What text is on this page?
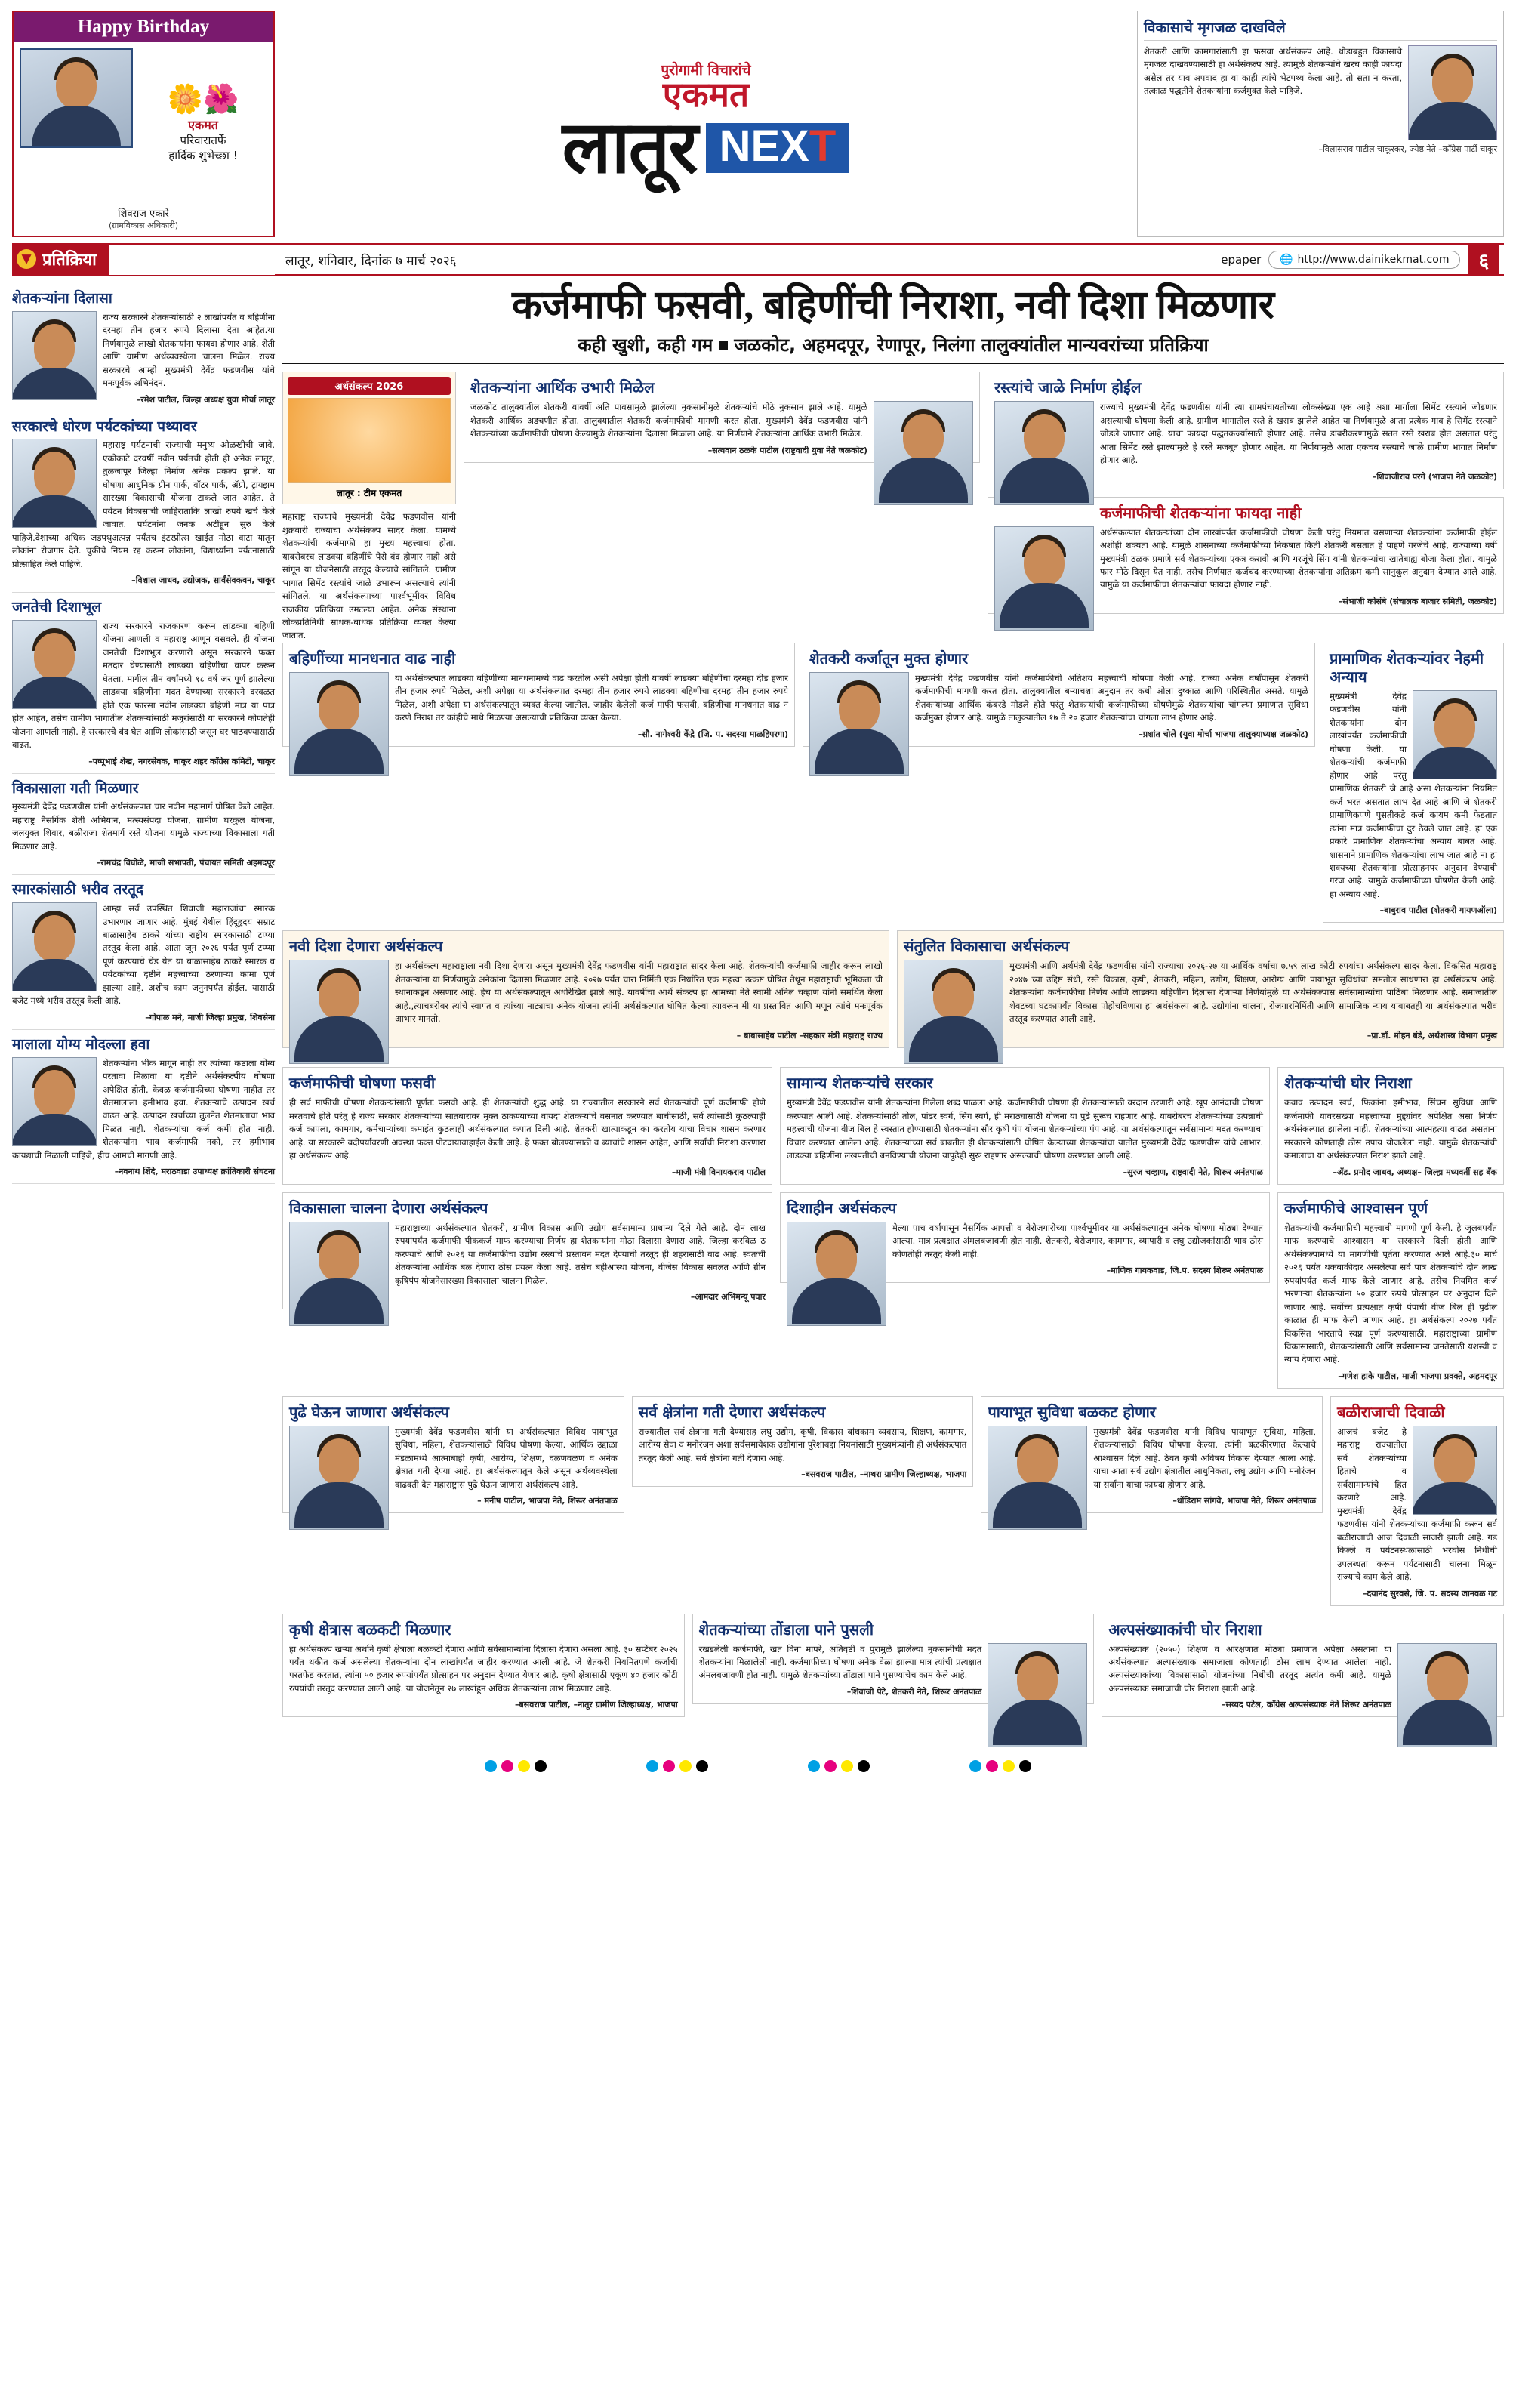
Happy Birthday
🌼🌺
एकमत
परिवारातर्फे
हार्दिक शुभेच्छा !
शिवराज एकारे
(ग्रामविकास अधिकारी)
पुरोगामी विचारांचे
एकमत
लातूर NEXT
विकासाचे मृगजळ दाखविले
शेतकरी आणि कामगारांसाठी हा फसवा अर्थसंकल्प आहे. थोडाबहुत विकासाचे मृगजळ दाखवण्यासाठी हा अर्थसंकल्प आहे. त्यामुळे शेतकऱ्यांचे खरच काही फायदा असेल तर याव अपवाद हा या काही त्यांचे भेटपथ्य केला आहे. तो सता न करता, तत्काळ पद्धतीने शेतकऱ्यांना कर्जमुक्त केले पाहिजे.
–विलासराव पाटील चाकूरकर, ज्येष्ठ नेते –काँग्रेस पार्टी चाकूर
▼ प्रतिक्रिया	लातूर, शनिवार, दिनांक ७ मार्च २०२६	epaper 🌐 http://www.dainikekmat.com	६
शेतकऱ्यांना दिलासा
राज्य सरकारने शेतकऱ्यांसाठी २ लाखांपर्यंत व बहिणींना दरमहा तीन हजार रुपये दिलासा देता आहेत.या निर्णयामुळे लाखो शेतकऱ्यांना फायदा होणार आहे. शेती आणि ग्रामीण अर्थव्यवस्थेला चालना मिळेल. राज्य सरकारचे आम्ही मुख्यमंत्री देवेंद्र फडणवीस यांचे मनःपूर्वक अभिनंदन.
–रमेश पाटील, जिल्हा अध्यक्ष युवा मोर्चा लातूर
सरकारचे धोरण पर्यटकांच्या पथ्यावर
महाराष्ट्र पर्यटनाची राज्याची मनुष्य ओळखीची जावे. एकोकाटे दरवर्षी नवीन पर्यंतची होती ही अनेक लातूर, तुळजापूर जिल्हा निर्माण अनेक प्रकल्प झाले. या घोषणा आधुनिक ग्रीन पार्क, वॉटर पार्क, ॲग्रो, ट्रायझम सारख्या विकासाची योजना टाकले जात आहेत. ते पर्यटन विकासाची जाहिराताकि लाखो रुपये खर्च केले जावात. पर्यटनांना जनक अटींहून सुरु केले पाहिजे.देशाच्या अधिक जडपथुअत्पन्न पर्यंतच इंटरप्रीत्स खाईत मोठा वाटा यातून लोकांना रोजगार देते. चुकीचे नियम रद्द करून लोकांना, विद्यार्थ्यांना पर्यंटनासाठी प्रोत्साहित केले पाहिजे.
–विशाल जाधव, उद्योजक, सार्वंसेवकवन, चाकूर
जनतेची दिशाभूल
राज्य सरकारने राजकारण करून लाडक्या बहिणी योजना आणली व महाराष्ट्र आणून बसवले. ही योजना जनतेची दिशाभूल करणारी असून सरकारने फक्त मतदार घेण्यासाठी लाडक्या बहिणींचा वापर करून घेतला. मागील तीन वर्षांमध्ये १८ वर्ष जर पूर्ण झालेल्या लाडक्या बहिणींना मदत देण्याच्या सरकारने दरवळत होते एक फारसा नवीन लाडक्या बहिणी मात्र या पात्र होत आहेत, तसेच ग्रामीण भागातील शेतकऱ्यांसाठी मजुरांसाठी या सरकारने कोणतेही योजना आणली नाही. हे सरकारचे बंद घेत आणि लोकांसाठी जसून घर पाठवण्यासाठी वाढत.
–पष्पूभाई शेख, नगरसेवक, चाकूर शहर काँग्रेस कमिटी, चाकूर
विकासाला गती मिळणार
मुख्यमंत्री देवेंद्र फडणवीस यांनी अर्थसंकल्पात चार नवीन महामार्ग घोषित केले आहेत. महाराष्ट्र नैसर्गिक शेती अभियान, मत्स्यसंपदा योजना, ग्रामीण घरकुल योजना, जलयुक्त शिवार, बळीराजा शेतमार्ग रस्ते योजना यामुळे राज्याच्या विकासाला गती मिळणार आहे.
–रामचंद्र विघोळे, माजी सभापती, पंचायत समिती अहमदपूर
स्मारकांसाठी भरीव तरतूद
आम्हा सर्व उपस्थित शिवाजी महाराजांचा स्मारक उभारणार जाणार आहे. मुंबई येथील हिंदूहृदय सम्राट बाळासाहेब ठाकरे यांच्या राष्ट्रीय स्मारकासाठी टप्प्या तरतूद केला आहे. आता जून २०२६ पर्यंत पूर्ण टप्प्या पूर्ण करण्याचे चेंड येत या बाळासाहेब ठाकरे स्मारक व पर्यटकांच्या दृष्टीने महत्त्वाच्या ठरणाऱ्या कामा पूर्ण झाल्या आहे. अशीच काम जनुनपर्यंत होईल. यासाठी बजेट मध्ये भरीव तरतूद केली आहे.
–गोपाळ मने, माजी जिल्हा प्रमुख, शिवसेना
मालाला योग्य मोदल्ला हवा
शेतकऱ्यांना भीक मागून नाही तर त्यांच्या कष्टाला योग्य परतावा मिळावा या दृष्टीने अर्थसंकल्पीय घोषणा अपेक्षित होती. केवळ कर्जमाफीच्या घोषणा नाहीत तर शेतमालाला हमीभाव हवा. शेतकऱ्याचे उत्पादन खर्च वाढत आहे. उत्पादन खर्चाच्या तुलनेत शेतमालाचा भाव मिळत नाही. शेतकऱ्यांचा कर्ज कमी होत नाही. शेतकऱ्यांना भाव कर्जमाफी नको, तर हमीभाव कायद्याची मिळाली पाहिजे, हीच आमची मागणी आहे.
–नवनाथ शिंदे, मराठवाडा उपाध्यक्ष क्रांतिकारी संघटना
कर्जमाफी फसवी, बहिणींची निराशा, नवी दिशा मिळणार
कही खुशी, कही गम जळकोट, अहमदपूर, रेणापूर, निलंगा तालुक्यांतील मान्यवरांच्या प्रतिक्रिया
अर्थसंकल्प 2026
लातूर : टीम एकमत
महाराष्ट्र राज्याचे मुख्यमंत्री देवेंद्र फडणवीस यांनी शुक्रवारी राज्याचा अर्थसंकल्प सादर केला. यामध्ये शेतकऱ्यांची कर्जमाफी हा मुख्य महत्त्वाचा होता. याबरोबरच लाडक्या बहिणींचे पैसे बंद होणार नाही असे सांगून या योजनेसाठी तरतूद केल्याचे सांगितले. ग्रामीण भागात सिमेंट रस्त्यांचे जाळे उभारून असल्याचे त्यांनी सांगितले. या अर्थसंकल्पाच्या पार्श्वभूमीवर विविध राजकीय प्रतिक्रिया उमटल्या आहेत. अनेक संस्थाना लोकप्रतिनिधी साधक-बाधक प्रतिक्रिया व्यक्त केल्या जातात.
शेतकऱ्यांना आर्थिक उभारी मिळेल
जळकोट तालुक्यातील शेतकरी यावर्षी अति पावसामुळे झालेल्या नुकसानीमुळे शेतकऱ्यांचे मोठे नुकसान झाले आहे. यामुळे शेतकरी आर्थिक अडचणीत होता. तालुक्यातील शेतकरी कर्जमाफीची मागणी करत होता. मुख्यमंत्री देवेंद्र फडणवीस यांनी शेतकऱ्यांच्या कर्जमाफीची घोषणा केल्यामुळे शेतकऱ्यांना दिलासा मिळाला आहे. या निर्णयाने शेतकऱ्यांना आर्थिक उभारी मिळेल.
–सत्यवान ठळके पाटील (राष्ट्रवादी युवा नेते जळकोट)
रस्त्यांचे जाळे निर्माण होईल
राज्याचे मुख्यमंत्री देवेंद्र फडणवीस यांनी त्या ग्रामपंचायतीच्या लोकसंख्या एक आहे अशा मार्गाला सिमेंट रस्त्याने जोडणार असल्याची घोषणा केली आहे. ग्रामीण भागातील रस्ते हे खराब झालेले आहेत या निर्णयामुळे आता प्रत्येक गाव हे सिमेंट रस्त्याने जोडले जाणार आहे. याचा फायदा पद्धतकर्ज्यासाठी होणार आहे. तसेच डांबरीकरणामुळे सतत रस्ते खराब होत असतात परंतु आता सिमेंट रस्ते झाल्यामुळे हे रस्ते मजबूत होणार आहेत. या निर्णयामुळे आता एकचब रस्त्याचे जाळे ग्रामीण भागात निर्माण होणार आहे.
–शिवाजीराव परगे (भाजपा नेते जळकोट)
कर्जमाफीची शेतकऱ्यांना फायदा नाही
अर्थसंकल्पात शेतकऱ्यांच्या दोन लाखांपर्यंत कर्जमाफीची घोषणा केली परंतु नियमात बसणाऱ्या शेतकऱ्यांना कर्जमाफी होईल अशीही शक्यता आहे. यामुळे शासनाच्या कर्जमाफीच्या निकषात किती शेतकरी बसतात हे पाहणे गरजेचे आहे, राज्याच्या वर्षी मुख्यमंत्री ठळक प्रमाणे सर्व शेतकऱ्यांच्या एकत्र करावी आणि गरजूंचे सिंग यांनी शेतकऱ्यांचा खातेबाह्य बोजा केला होता. यामुळे फार मोठे दिसून येत नाही. तसेच निर्णयात कर्जचंद करण्याच्या शेतकऱ्यांना अतिक्रम कमी सानुकूल अनुदान देण्यात आले आहे. यामुळे या कर्जमाफीचा शेतकऱ्यांचा फायदा होणार नाही.
–संभाजी कोसंबे (संचालक बाजार समिती, जळकोट)
बहिणींच्या मानधनात वाढ नाही
या अर्थसंकल्पात लाडक्या बहिणींच्या मानधनामध्ये वाढ करतील असी अपेक्षा होती यावर्षी लाडक्या बहिणींचा दरमहा दीड हजार तीन हजार रुपये मिळेल, अशी अपेक्षा या अर्थसंकल्पात दरमहा तीन हजार रुपये लाडक्या बहिणींचा दरमहा तीन हजार रुपये मिळेल, अशी अपेक्षा या अर्थसंकल्पातून व्यक्त केल्या जातील. जाहीर केलेली कर्ज माफी फसवी, बहिणींचा मानधनात वाढ न करणे निराश तर कांहीचे माथे मिळण्या असल्याची प्रतिक्रिया व्यक्त केल्या.
–सौ. नागेश्वरी केंद्रे (जि. प. सदस्या माळहिपरगा)
शेतकरी कर्जातून मुक्त होणार
मुख्यमंत्री देवेंद्र फडणवीस यांनी कर्जमाफीची अतिशय महत्त्वाची घोषणा केली आहे. राज्या अनेक वर्षांपासून शेतकरी कर्जमाफीची मागणी करत होता. तालुक्यातील बऱ्याचशा अनुदान तर कधी ओला दुष्काळ आणि परिस्थितीत असते. यामुळे शेतकऱ्यांच्या आर्थिक कंबरडे मोडले होते परंतु शेतकऱ्यांची कर्जमाफीच्या घोषणेमुळे शेतकऱ्यांचा चांगल्या प्रमाणात सुविधा कर्जमुक्त होणार आहे. यामुळे तालुक्यातील १७ ते २० हजार शेतकऱ्यांचा चांगला लाभ होणार आहे.
–प्रशांत चोले (युवा मोर्चा भाजपा तालुक्याध्यक्ष जळकोट)
प्रामाणिक शेतकऱ्यांवर नेहमी अन्याय
मुख्यमंत्री देवेंद्र फडणवीस यांनी शेतकऱ्यांना दोन लाखांपर्यंत कर्जमाफीची घोषणा केली. या शेतकऱ्यांची कर्जमाफी होणार आहे परंतु प्रामाणिक शेतकरी जे आहे असा शेतकऱ्यांना नियमित कर्ज भरत असतात लाभ देत आहे आणि जे शेतकरी प्रामाणिकपणे पुसतीकडे कर्ज कायम कमी फेडतात त्यांना मात्र कर्जमाफीचा दुर ठेवले जात आहे. हा एक प्रकारे प्रामाणिक शेतकऱ्यांचा अन्याय बाबत आहे. शासनाने प्रामाणिक शेतकऱ्यांचा लाभ जात आहे ना हा शक्यच्या शेतकऱ्यांना प्रोत्साहनपर अनुदान देण्याची गरज आहे. यामुळे कर्जमाफीच्या घोषणेत केली आहे. हा अन्याय आहे.
–बाबुराव पाटील (शेतकरी गायणऑला)
नवी दिशा देणारा अर्थसंकल्प
हा अर्थसंकल्प महाराष्ट्राला नवी दिशा देणारा असून मुख्यमंत्री देवेंद्र फडणवीस यांनी महाराष्ट्रात सादर केला आहे. शेतकऱ्यांची कर्जमाफी जाहीर करून लाखो शेतकऱ्यांना या निर्णयामुळे अनेकांना दिलासा मिळणार आहे. २०२७ पर्यंत चारा निर्मिती एक निर्धारित एक महत्त्वा उत्कष्ट घोषित तेथून महाराष्ट्राची भूमिकता ची स्थानाकडून असणार आहे. हेच या अर्थसंकल्पातून अधोरेखित झाले आहे. यावर्षीचा आर्थ संकल्प हा आमच्या नेते स्वामी अनिल चव्हाण यांनी समर्थित केला आहे.,त्याचबरोबर त्यांचे स्वागत व त्यांच्या नाट्याचा अनेक योजना त्यांनी अर्थसंकल्पात घोषित केल्या त्यावरून मी या प्रस्तावित आणि मणून त्यांचे मनःपूर्वक आभार मानतो.
– बाबासाहेब पाटील –सहकार मंत्री महाराष्ट्र राज्य
संतुलित विकासाचा अर्थसंकल्प
मुख्यमंत्री आणि अर्थमंत्री देवेंद्र फडणवीस यांनी राज्याचा २०२६-२७ या आर्थिक वर्षाचा ७.५९ लाख कोटी रुपयांचा अर्थसंकल्प सादर केला. विकसित महाराष्ट्र २०४७ च्या उद्दिष्ट संधी, रस्ते विकास, कृषी, शेतकरी, महिला, उद्योग, शिक्षण, आरोग्य आणि पायाभूत सुविधांचा समतोल साधणारा हा अर्थसंकल्प आहे. शेतकऱ्यांना कर्जमाफीचा निर्णय आणि लाडक्या बहिणींना दिलासा देणाऱ्या निर्णयांमुळे या अर्थसंकल्पास सर्वसामान्यांचा पाठिंबा मिळणार आहे. समाजातील शेवटच्या घटकापर्यंत विकास पोहोचविणारा हा अर्थसंकल्प आहे. उद्योगांना चालना, रोजगारनिर्मिती आणि सामाजिक न्याय याबाबतही या अर्थसंकल्पात भरीव तरतूद करण्यात आली आहे.
–प्रा.डॉ. मोहन बंडे, अर्थशास्त्र विभाग प्रमुख
कर्जमाफीची घोषणा फसवी
ही सर्व माफीची घोषणा शेतकऱ्यांसाठी पूर्णतः फसवी आहे. ही शेतकऱ्यांची शुद्ध आहे. या राज्यातील सरकारने सर्व शेतकऱ्यांची पूर्ण कर्जमाफी होणे मरतवाचे होते परंतु हे राज्य सरकार शेतकऱ्यांच्या सातबारावर मुक्त ठाकण्याच्या वायदा शेतकऱ्यांचे वसनात करण्यात बाचीसाठी, सर्व त्यांसाठी कुठल्याही कर्ज कापला, कामगार, कर्मचाऱ्यांच्या कमाईत कुठलाही अर्थसंकल्पात कपात दिली आहे. शेतकरी खात्याकडून का करतोय याचा विचार शासन करणार आहे. या सरकारने बदीपर्यावरणी अवस्था फक्त पोटदायावाहाईल केली आहे. हे फक्त बोलण्यासाठी व ब्याचांचे शासन आहेत, आणि सर्वांची निराशा करणारा हा अर्थसंकल्प आहे.
–माजी मंत्री विनायकराव पाटील
सामान्य शेतकऱ्यांचे सरकार
मुख्यमंत्री देवेंद्र फडणवीस यांनी शेतकऱ्यांना गिलेला शब्द पाळला आहे. कर्जमाफीची घोषणा ही शेतकऱ्यांसाठी वरदान ठरणारी आहे. खूप आनंदाची घोषणा करण्यात आली आहे. शेतकऱ्यांसाठी तोल, पांढर स्वर्ग, सिंग स्वर्ग, ही मराठ्यासाठी योजना या पुढे सुरूच राहणार आहे. याबरोबरच शेतकऱ्यांच्या उत्पन्नाची महत्त्वाची योजना वीज बिल हे स्वस्तात होण्यासाठी शेतकऱ्यांना सौर कृषी पंप योजना शेतकऱ्यांच्या पंप आहे. या अर्थसंकल्पातून सर्वसामान्य मदत करण्याचा विचार करण्यात आलेला आहे. शेतकऱ्यांच्या सर्व बाबतीत ही शेतकऱ्यांसाठी घोषित केल्याच्या शेतकऱ्यांचा यातोत मुख्यमंत्री देवेंद्र फडणवीस यांचे आभार. लाडक्या बहिणींना लखपतीची बनविण्याची योजना यापुढेही सुरू राहणार असल्याची घोषणा करण्यात आली आहे.
–सुरज चव्हाण, राष्ट्रवादी नेते, शिरूर अनंतपाळ
शेतकऱ्यांची घोर निराशा
कवाव उत्पादन खर्च, फिकांना हमीभाव, सिंचन सुविधा आणि कर्जमाफी यावरसख्या महत्त्वाच्या मुद्द्यांवर अपेक्षित असा निर्णय अर्थसंकल्पात झालेला नाही. शेतकऱ्यांच्या आत्महत्या वाढत असताना सरकारने कोणताही ठोस उपाय योजलेला नाही. यामुळे शेतकऱ्यांची कमालाचा या अर्थसंकल्पात निराश झाले आहे.
–ॲड. प्रमोद जाधव, अध्यक्ष– जिल्हा मध्यवर्ती सह बँक
विकासाला चालना देणारा अर्थसंकल्प
महाराष्ट्राच्या अर्थसंकल्पात शेतकरी, ग्रामीण विकास आणि उद्योग सर्वसामान्य प्राधान्य दिले गेले आहे. दोन लाख रुपयांपर्यंत कर्जमाफी पीककर्ज माफ करण्याचा निर्णय हा शेतकऱ्यांना मोठा दिलासा देणारा आहे. जिल्हा करविळ ठ करण्याचे आणि २०२६ या कर्जमाफीचा उद्योग रस्त्यांचे प्रस्तावन मदत देण्याची तरतूद ही शहरासाठी वाढ आहे. स्वतःची शेतकऱ्यांना आर्थिक बळ देणारा ठोस प्रयत्न केला आहे. तसेच बहीआस्था योजना, वीजेस विकास सवलत आणि ग्रीन कृषिपंप योजनेसारख्या विकासाला चालना मिळेल.
–आमदार अभिमन्यू पवार
दिशाहीन अर्थसंकल्प
मेल्या पाच वर्षांपासून नैसर्गिक आपत्ती व बेरोजगारीच्या पार्श्वभूमीवर या अर्थसंकल्पातून अनेक घोषणा मोठ्या देण्यात आल्या. मात्र प्रत्यक्षात अंमलबजावणी होत नाही. शेतकरी, बेरोजगार, कामगार, व्यापारी व लघु उद्योजकांसाठी भाव ठोस कोणतीही तरतूद केली नाही.
–माणिक गायकवाड, जि.प. सदस्य शिरूर अनंतपाळ
कर्जमाफीचे आश्वासन पूर्ण
शेतकऱ्यांची कर्जमाफीची महत्त्वाची मागणी पूर्ण केली. हे जुलबपर्यंत माफ करण्याचे आश्वासन या सरकारने दिली होती आणि अर्थसंकल्पामध्ये या मागणीची पूर्तता करण्यात आले आहे.३० मार्च २०२६ पर्यंत थकबाकीदार असलेल्या सर्व पात्र शेतकऱ्यांचे दोन लाख रुपयांपर्यंत कर्ज माफ केले जाणार आहे. तसेच नियमित कर्ज भरणाऱ्या शेतकऱ्यांना ५० हजार रुपये प्रोत्साहन पर अनुदान दिले जाणार आहे. सर्वोच्च प्रत्यक्षात कृषी पंपाची वीज बिल ही पुढील काळात ही माफ केली जाणार आहे. हा अर्थसंकल्प २०२७ पर्यंत विकसित भारताचे स्वप्न पूर्ण करण्यासाठी, महाराष्ट्राच्या ग्रामीण विकासासाठी, शेतकऱ्यांसाठी आणि सर्वसामान्य जनतेसाठी यशस्वी व न्याय देणारा आहे.
–गणेश हाके पाटील, माजी भाजपा प्रवक्ते, अहमदपूर
पुढे घेऊन जाणारा अर्थसंकल्प
मुख्यमंत्री देवेंद्र फडणवीस यांनी या अर्थसंकल्पात विविध पायाभूत सुविधा, महिला, शेतकऱ्यांसाठी विविध घोषणा केल्या. आर्थिक उद्दाळा मंडळामध्ये आत्माबाही कृषी, आरोग्य, शिक्षण, दळणवळण व अनेक क्षेत्रात गती देण्या आहे. हा अर्थसंकल्पातून केले असून अर्थव्यवस्थेला वाढवती देत महाराष्ट्रास पुढे घेऊन जाणारा अर्थसंकल्प आहे.
– मनीष पाटील, भाजपा नेते, शिरूर अनंतपाळ
सर्व क्षेत्रांना गती देणारा अर्थसंकल्प
राज्यातील सर्व क्षेत्रांना गती देण्यासह लघु उद्योग, कृषी, विकास बांधकाम व्यवसाय, शिक्षण, कामगार, आरोग्य सेवा व मनोरंजन अशा सर्वसमावेशक उद्योगांना पुरेशाबद्दा नियमांसाठी मुख्यमंत्र्यांनी ही अर्थसंकल्पात तरतूद केली आहे. सर्व क्षेत्रांना गती देणारा आहे.
–बसवराज पाटील, –नाथरा ग्रामीण जिल्हाध्यक्ष, भाजपा
पायाभूत सुविधा बळकट होणार
मुख्यमंत्री देवेंद्र फडणवीस यांनी विविध पायाभूत सुविधा, महिला, शेतकऱ्यांसाठी विविध घोषणा केल्या. त्यांनी बळकीरणात केल्याचे आश्वासन दिले आहे. ठेवत कृषी अविषय विकास देण्यात आला आहे. याचा आता सर्व उद्योग क्षेत्रातील आधुनिकता, लघु उद्योग आणि मनोरंजन या सर्वांना याचा फायदा होणार आहे.
–धोंडिराम सांगवे, भाजपा नेते, शिरूर अनंतपाळ
बळीराजाची दिवाळी
आजचं बजेट हे महाराष्ट्र राज्यातील सर्व शेतकऱ्यांच्या हिताचे व सर्वसामान्यांचे हित करणारे आहे. मुख्यमंत्री देवेंद्र फडणवीस यांनी शेतकऱ्यांच्या कर्जमाफी करून सर्व बळीराजाची आज दिवाळी साजरी झाली आहे. गड किल्ले व पर्यटनस्थळासाठी भरघोस निधीची उपलब्धता करून पर्यटनासाठी चालना मिळून राज्याचे काम केले आहे.
–दयानंद सुरवसे, जि. प. सदस्य जानवळ गट
कृषी क्षेत्रास बळकटी मिळणार
हा अर्थसंकल्प खऱ्या अर्थाने कृषी क्षेत्राला बळकटी देणारा आणि सर्वसामान्यांना दिलासा देणारा असला आहे. ३० सप्टेंबर २०२५ पर्यंत थकीत कर्ज असलेल्या शेतकऱ्यांना दोन लाखांपर्यंत जाहीर करण्यात आली आहे. जे शेतकरी नियमितपणे कर्जाची परतफेड करतात, त्यांना ५० हजार रुपयांपर्यंत प्रोत्साहन पर अनुदान देण्यात येणार आहे. कृषी क्षेत्रासाठी एकूण ४० हजार कोटी रुपयांची तरतूद करण्यात आली आहे. या योजनेतून २७ लाखांहून अधिक शेतकऱ्यांना लाभ मिळणार आहे.
–बसवराज पाटील, –नातूर ग्रामीण जिल्हाध्यक्ष, भाजपा
शेतकऱ्यांच्या तोंडाला पाने पुसली
रखडलेली कर्जमाफी, खत विना मापरे, अतिवृष्टी व पुरामुळे झालेल्या नुकसानीची मदत शेतकऱ्यांना मिळालेली नाही. कर्जमाफीच्या घोषणा अनेक वेळा झाल्या मात्र त्यांची प्रत्यक्षात अंमलबजावणी होत नाही. यामुळे शेतकऱ्यांच्या तोंडाला पाने पुसण्याचेच काम केले आहे.
–शिवाजी पेटे, शेतकरी नेते, शिरूर अनंतपाळ
अल्पसंख्याकांची घोर निराशा
अल्पसंख्याक (२०५०) शिक्षण व आरक्षणात मोठ्या प्रमाणात अपेक्षा असताना या अर्थसंकल्पात अल्पसंख्याक समाजाला कोणताही ठोस लाभ देण्यात आलेला नाही. अल्पसंख्याकांच्या विकासासाठी योजनांच्या निधीची तरतूद अत्यंत कमी आहे. यामुळे अल्पसंख्याक समाजाची घोर निराशा झाली आहे.
–सय्यद पटेल, काँग्रेस अल्पसंख्याक नेते शिरूर अनंतपाळ
